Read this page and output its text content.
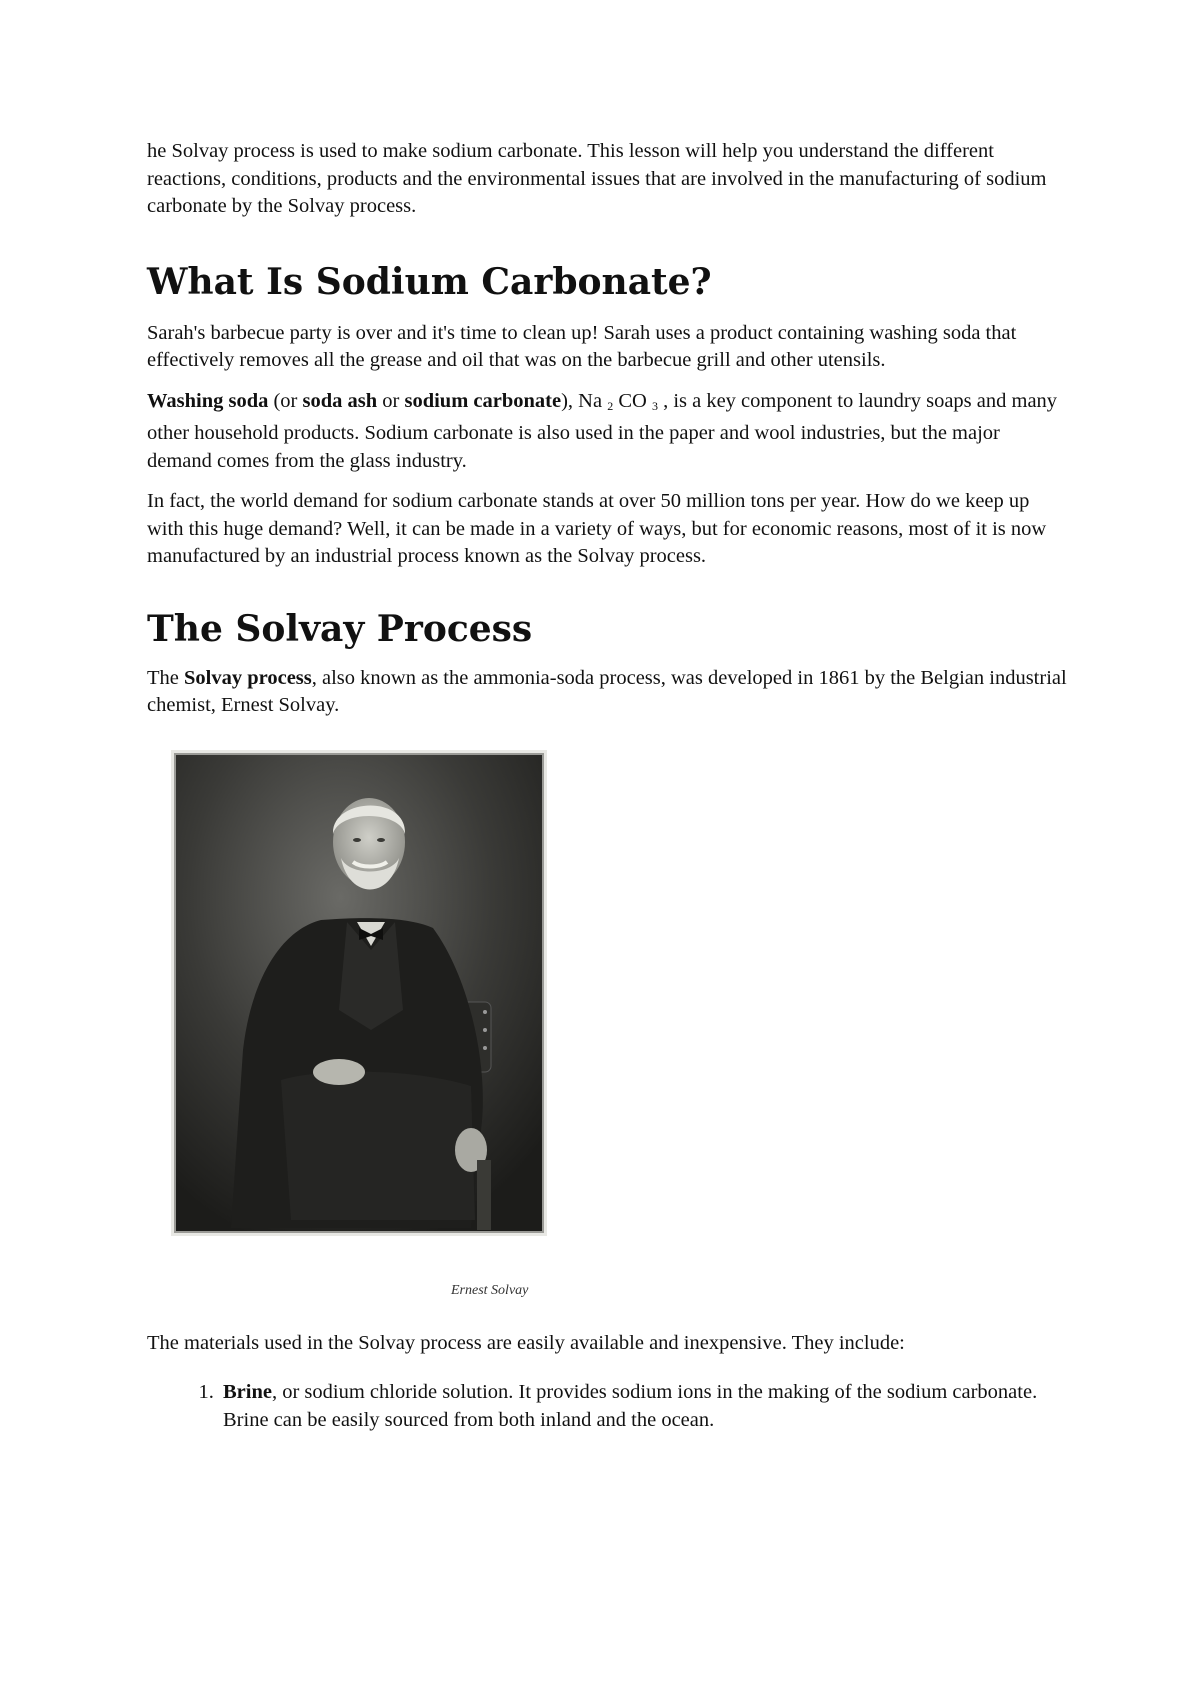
he Solvay process is used to make sodium carbonate. This lesson will help you understand the different reactions, conditions, products and the environmental issues that are involved in the manufacturing of sodium carbonate by the Solvay process.

What Is Sodium Carbonate?

Sarah's barbecue party is over and it's time to clean up! Sarah uses a product containing washing soda that effectively removes all the grease and oil that was on the barbecue grill and other utensils.

Washing soda (or soda ash or sodium carbonate), Na $_2$ CO $_3$ , is a key component to laundry soaps and many other household products. Sodium carbonate is also used in the paper and wool industries, but the major demand comes from the glass industry.

In fact, the world demand for sodium carbonate stands at over 50 million tons per year. How do we keep up with this huge demand? Well, it can be made in a variety of ways, but for economic reasons, most of it is now manufactured by an industrial process known as the Solvay process.

The Solvay Process

The Solvay process, also known as the ammonia-soda process, was developed in 1861 by the Belgian industrial chemist, Ernest Solvay.

Ernest Solvay

The materials used in the Solvay process are easily available and inexpensive. They include:

1. Brine, or sodium chloride solution. It provides sodium ions in the making of the sodium carbonate. Brine can be easily sourced from both inland and the ocean.
